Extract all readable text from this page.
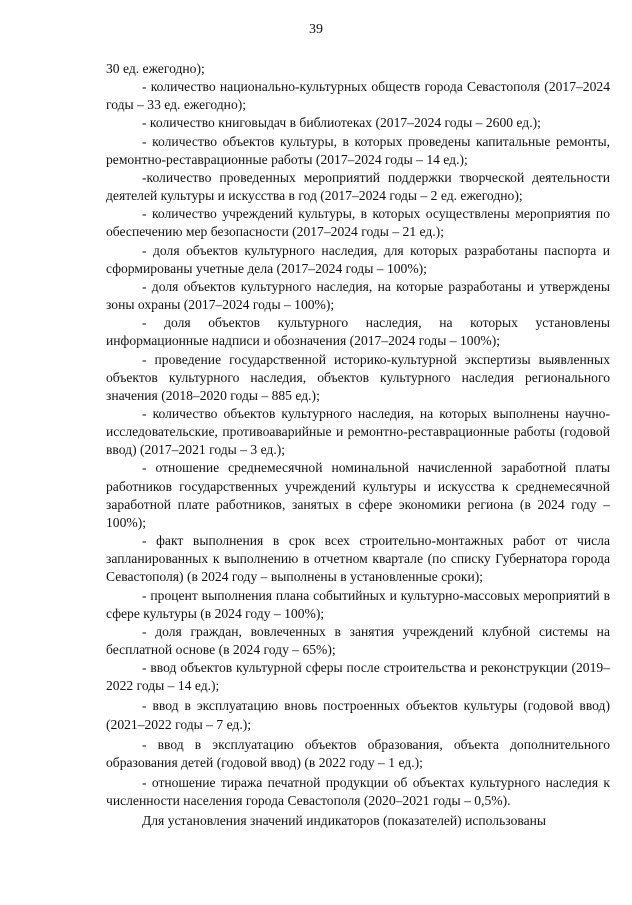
39

30 ед. ежегодно);

- количество национально-культурных обществ города Севастополя (2017–2024 годы – 33 ед. ежегодно);

- количество книговыдач в библиотеках (2017–2024 годы – 2600 ед.);

- количество объектов культуры, в которых проведены капитальные ремонты, ремонтно-реставрационные работы (2017–2024 годы – 14 ед.);

-количество проведенных мероприятий поддержки творческой деятельности деятелей культуры и искусства в год (2017–2024 годы – 2 ед. ежегодно);

- количество учреждений культуры, в которых осуществлены мероприятия по обеспечению мер безопасности (2017–2024 годы – 21 ед.);

- доля объектов культурного наследия, для которых разработаны паспорта и сформированы учетные дела (2017–2024 годы – 100%);

- доля объектов культурного наследия, на которые разработаны и утверждены зоны охраны (2017–2024 годы – 100%);

- доля объектов культурного наследия, на которых установлены информационные надписи и обозначения (2017–2024 годы – 100%);

- проведение государственной историко-культурной экспертизы выявленных объектов культурного наследия, объектов культурного наследия регионального значения (2018–2020 годы – 885 ед.);

- количество объектов культурного наследия, на которых выполнены научно-исследовательские, противоаварийные и ремонтно-реставрационные работы (годовой ввод) (2017–2021 годы – 3 ед.);

- отношение среднемесячной номинальной начисленной заработной платы работников государственных учреждений культуры и искусства к среднемесячной заработной плате работников, занятых в сфере экономики региона (в 2024 году – 100%);

- факт выполнения в срок всех строительно-монтажных работ от числа запланированных к выполнению в отчетном квартале (по списку Губернатора города Севастополя) (в 2024 году – выполнены в установленные сроки);

- процент выполнения плана событийных и культурно-массовых мероприятий в сфере культуры (в 2024 году – 100%);

- доля граждан, вовлеченных в занятия учреждений клубной системы на бесплатной основе (в 2024 году – 65%);

- ввод объектов культурной сферы после строительства и реконструкции (2019–2022 годы – 14 ед.);

- ввод в эксплуатацию вновь построенных объектов культуры (годовой ввод) (2021–2022 годы – 7 ед.);

- ввод в эксплуатацию объектов образования, объекта дополнительного образования детей (годовой ввод) (в 2022 году – 1 ед.);

- отношение тиража печатной продукции об объектах культурного наследия к численности населения города Севастополя (2020–2021 годы – 0,5%).

Для установления значений индикаторов (показателей) использованы
